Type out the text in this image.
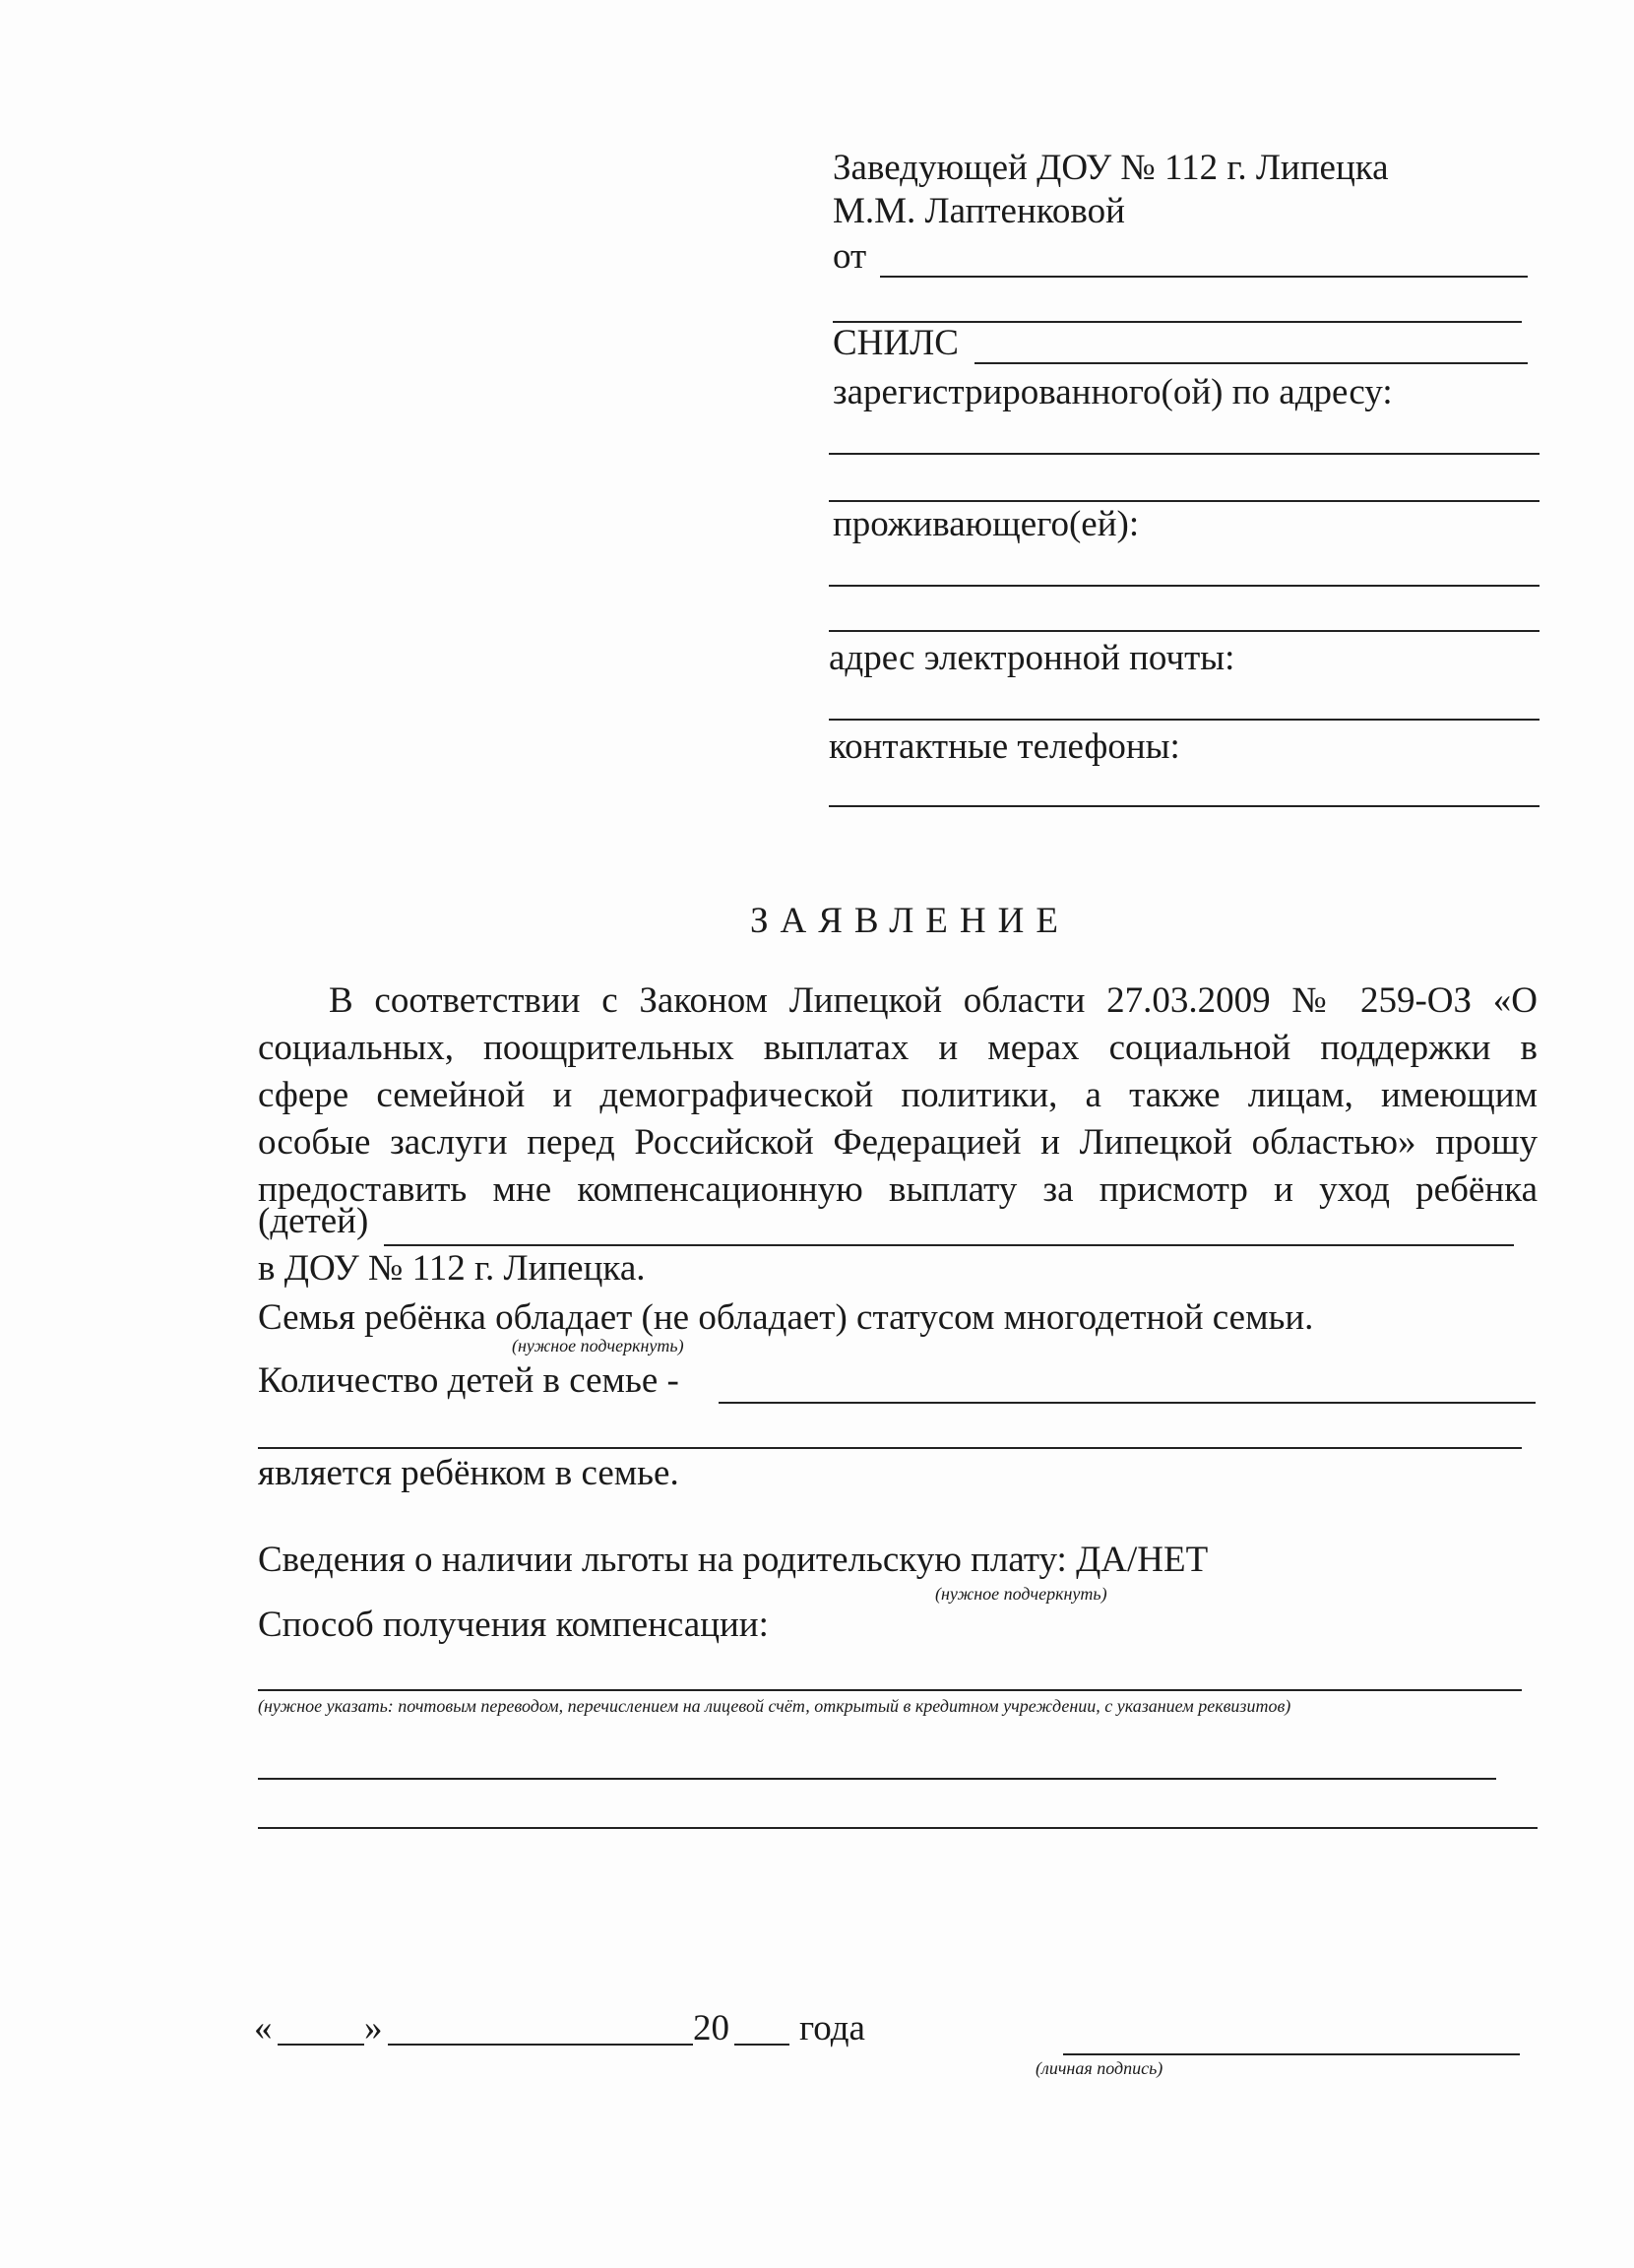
Заведующей ДОУ № 112 г. Липецка
М.М. Лаптенковой
от
СНИЛС
зарегистрированного(ой) по адресу:
проживающего(ей):
адрес электронной почты:
контактные телефоны:
ЗАЯВЛЕНИЕ
В соответствии с Законом Липецкой области 27.03.2009 № 259-ОЗ «О
социальных, поощрительных выплатах и мерах социальной поддержки в
сфере семейной и демографической политики, а также лицам, имеющим
особые заслуги перед Российской Федерацией и Липецкой областью» прошу
предоставить мне компенсационную выплату за присмотр и уход ребёнка
(детей)
в ДОУ № 112 г. Липецка.
Семья ребёнка обладает (не обладает) статусом многодетной семьи.
(нужное подчеркнуть)
Количество детей в семье -
является ребёнком в семье.
Сведения о наличии льготы на родительскую плату: ДА/НЕТ
(нужное подчеркнуть)
Способ получения компенсации:
(нужное указать: почтовым переводом, перечислением на лицевой счёт, открытый в кредитном учреждении, с указанием реквизитов)
«	»	20 года
(личная подпись)
